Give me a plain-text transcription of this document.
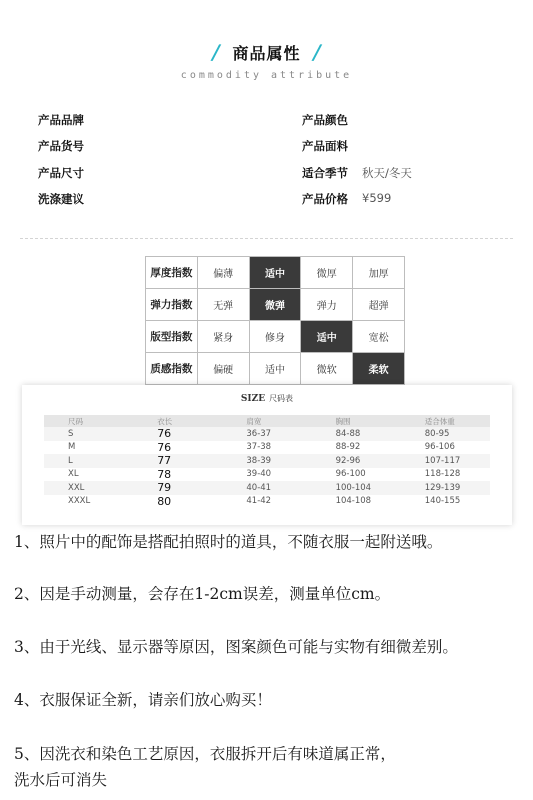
/ 商品属性 /
commodity attribute
产品品牌	产品颜色
产品货号	产品面料
产品尺寸	适合季节 秋天/冬天
洗涤建议	产品价格 ¥599
厚度指数	偏薄	适中	微厚	加厚
弹力指数	无弹	微弹	弹力	超弹
版型指数	紧身	修身	适中	宽松
质感指数	偏硬	适中	微软	柔软
SIZE 尺码表
尺码	衣长	肩宽	胸围	适合体重
S	76	36-37	84-88	80-95
M	76	37-38	88-92	96-106
L	77	38-39	92-96	107-117
XL	78	39-40	96-100	118-128
XXL	79	40-41	100-104	129-139
XXXL	80	41-42	104-108	140-155
1、照片中的配饰是搭配拍照时的道具，不随衣服一起附送哦。
2、因是手动测量，会存在1-2cm误差，测量单位cm。
3、由于光线、显示器等原因，图案颜色可能与实物有细微差别。
4、衣服保证全新，请亲们放心购买！
5、因洗衣和染色工艺原因，衣服拆开后有味道属正常，
洗水后可消失
